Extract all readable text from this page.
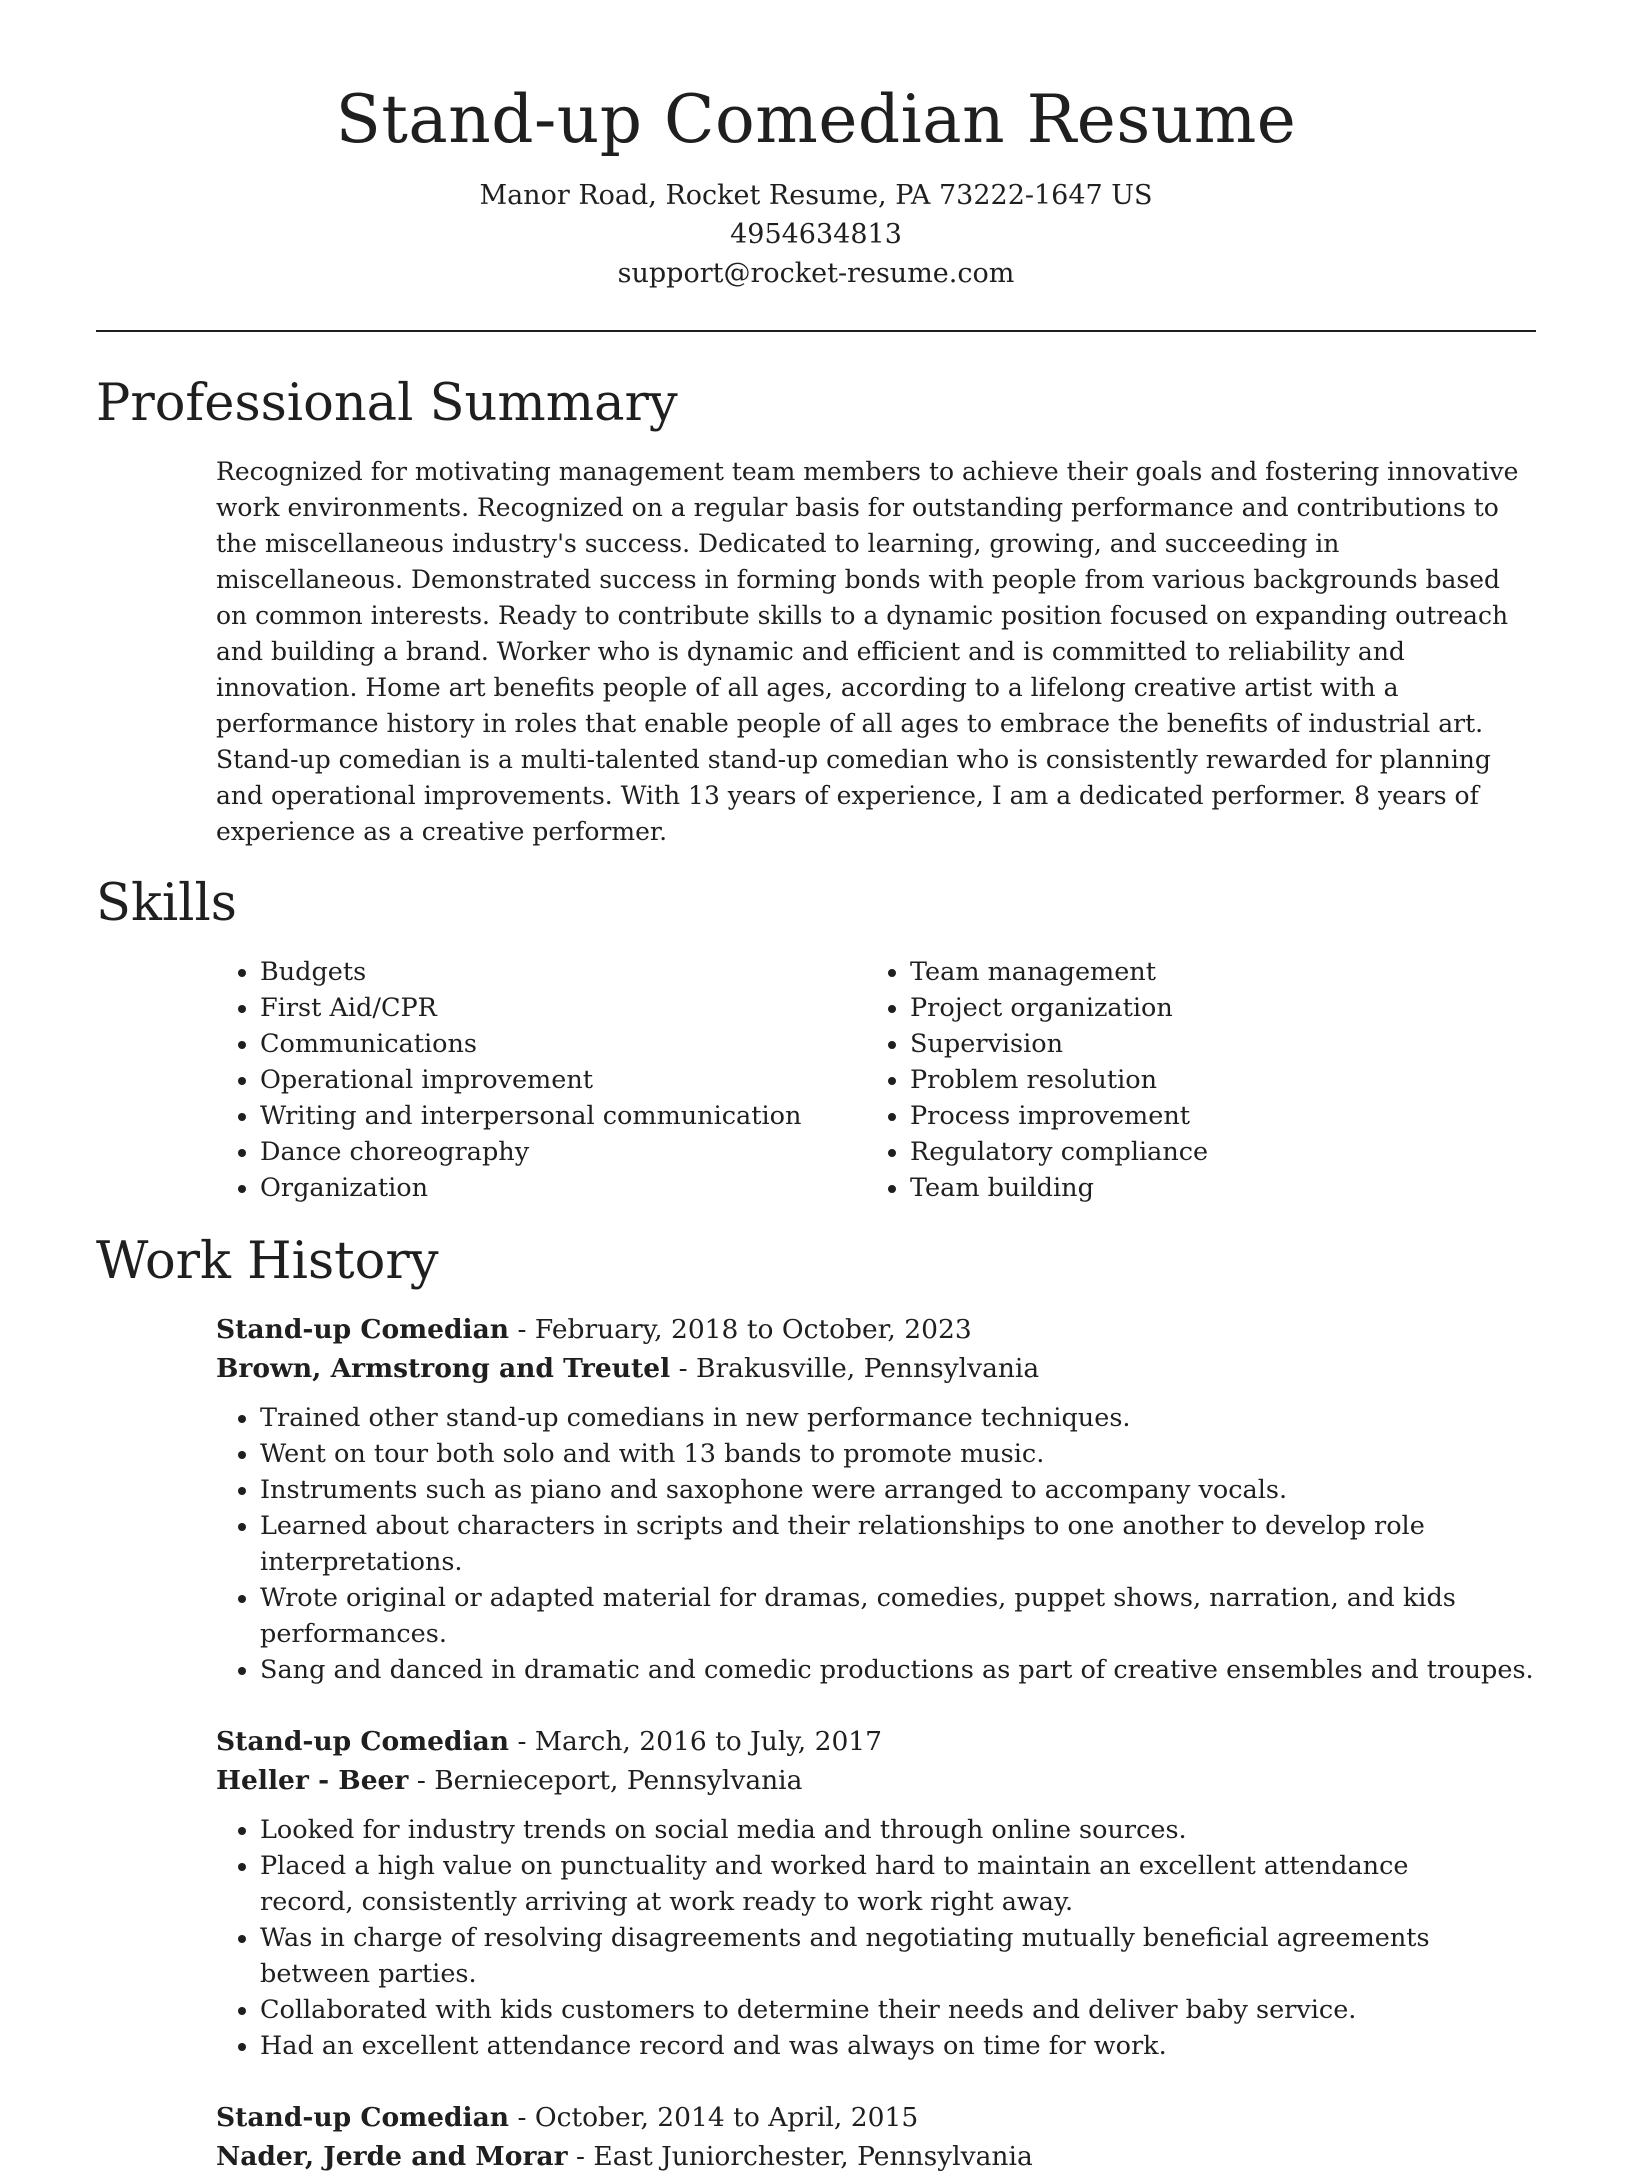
Stand-up Comedian Resume
Manor Road, Rocket Resume, PA 73222-1647 US
4954634813
support@rocket-resume.com
Professional Summary

Recognized for motivating management team members to achieve their goals and fostering innovative work environments. Recognized on a regular basis for outstanding performance and contributions to the miscellaneous industry's success. Dedicated to learning, growing, and succeeding in miscellaneous. Demonstrated success in forming bonds with people from various backgrounds based on common interests. Ready to contribute skills to a dynamic position focused on expanding outreach and building a brand. Worker who is dynamic and efficient and is committed to reliability and innovation. Home art benefits people of all ages, according to a lifelong creative artist with a performance history in roles that enable people of all ages to embrace the benefits of industrial art. Stand-up comedian is a multi-talented stand-up comedian who is consistently rewarded for planning and operational improvements. With 13 years of experience, I am a dedicated performer. 8 years of experience as a creative performer.

Skills
• Budgets
• First Aid/CPR
• Communications
• Operational improvement
• Writing and interpersonal communication
• Dance choreography
• Organization
• Team management
• Project organization
• Supervision
• Problem resolution
• Process improvement
• Regulatory compliance
• Team building
Work History
Stand-up Comedian - February, 2018 to October, 2023
Brown, Armstrong and Treutel - Brakusville, Pennsylvania
• Trained other stand-up comedians in new performance techniques.
• Went on tour both solo and with 13 bands to promote music.
• Instruments such as piano and saxophone were arranged to accompany vocals.
• Learned about characters in scripts and their relationships to one another to develop role interpretations.
• Wrote original or adapted material for dramas, comedies, puppet shows, narration, and kids performances.
• Sang and danced in dramatic and comedic productions as part of creative ensembles and troupes.
Stand-up Comedian - March, 2016 to July, 2017
Heller - Beer - Bernieceport, Pennsylvania
• Looked for industry trends on social media and through online sources.
• Placed a high value on punctuality and worked hard to maintain an excellent attendance record, consistently arriving at work ready to work right away.
• Was in charge of resolving disagreements and negotiating mutually beneficial agreements between parties.
• Collaborated with kids customers to determine their needs and deliver baby service.
• Had an excellent attendance record and was always on time for work.
Stand-up Comedian - October, 2014 to April, 2015
Nader, Jerde and Morar - East Juniorchester, Pennsylvania
